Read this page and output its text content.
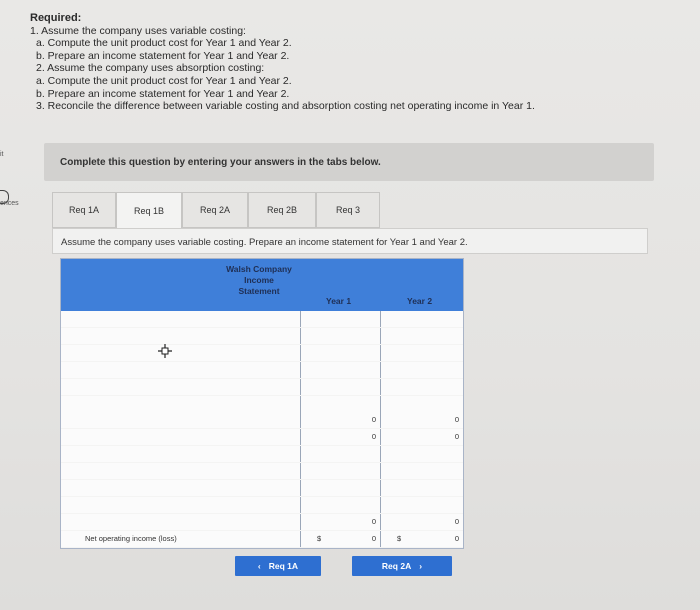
it
ences
Required:
1. Assume the company uses variable costing:
a. Compute the unit product cost for Year 1 and Year 2.
b. Prepare an income statement for Year 1 and Year 2.
2. Assume the company uses absorption costing:
a. Compute the unit product cost for Year 1 and Year 2.
b. Prepare an income statement for Year 1 and Year 2.
3. Reconcile the difference between variable costing and absorption costing net operating income in Year 1.
Complete this question by entering your answers in the tabs below.
Req 1A	Req 1B	Req 2A	Req 2B	Req 3
Assume the company uses variable costing. Prepare an income statement for Year 1 and Year 2.
Walsh Company
Income Statement
Year 1	Year 2
0	0
0	0
0	0
Net operating income (loss)	$	0	$	0
‹ Req 1A	Req 2A ›
